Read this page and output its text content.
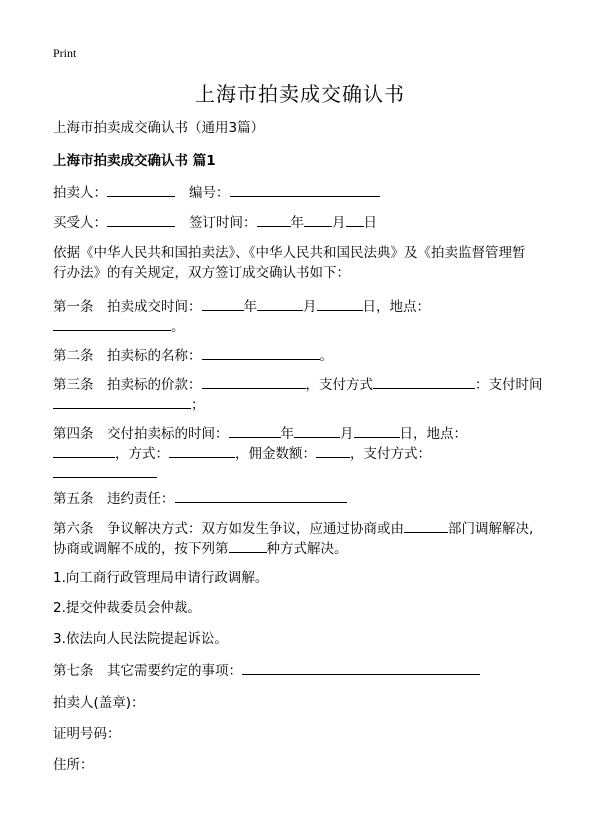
Print
上海市拍卖成交确认书
上海市拍卖成交确认书（通用3篇）
上海市拍卖成交确认书 篇1
拍卖人：	编号：
买受人：	签订时间：	年 月 日
依据《中华人民共和国拍卖法》、《中华人民共和国民法典》及《拍卖监督管理暂
行办法》的有关规定，双方签订成交确认书如下：
第一条　拍卖成交时间：	年	月	日，地点：
。
第二条　拍卖标的名称：	。
第三条　拍卖标的价款：	，支付方式	：支付时间
；
第四条　交付拍卖标的时间：	年	月	日，地点：
，方式：	，佣金数额：	，支付方式：
第五条　违约责任：
第六条　争议解决方式：双方如发生争议，应通过协商或由	部门调解解决,
协商或调解不成的，按下列第	种方式解决。
1.向工商行政管理局申请行政调解。
2.提交仲裁委员会仲裁。
3.依法向人民法院提起诉讼。
第七条　其它需要约定的事项：
拍卖人(盖章)：
证明号码：
住所：
